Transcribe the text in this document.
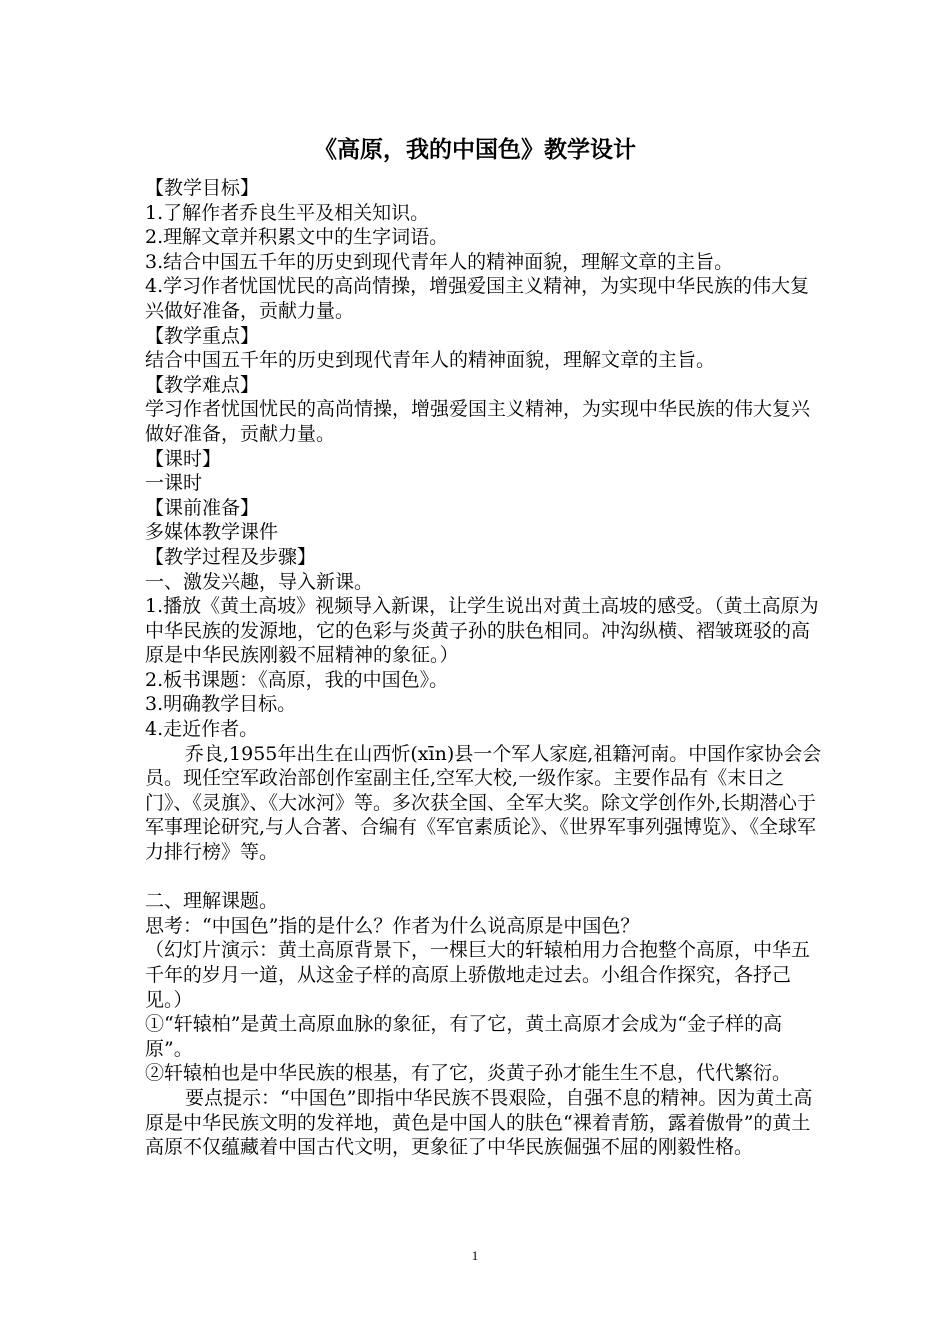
《高原，我的中国色》教学设计

【教学目标】

1.了解作者乔良生平及相关知识。

2.理解文章并积累文中的生字词语。

3.结合中国五千年的历史到现代青年人的精神面貌，理解文章的主旨。

4.学习作者忧国忧民的高尚情操，增强爱国主义精神，为实现中华民族的伟大复兴做好准备，贡献力量。

【教学重点】

结合中国五千年的历史到现代青年人的精神面貌，理解文章的主旨。

【教学难点】

学习作者忧国忧民的高尚情操，增强爱国主义精神，为实现中华民族的伟大复兴做好准备，贡献力量。

【课时】

一课时

【课前准备】

多媒体教学课件

【教学过程及步骤】

一、激发兴趣，导入新课。

1.播放《黄土高坡》视频导入新课，让学生说出对黄土高坡的感受。（黄土高原为中华民族的发源地，它的色彩与炎黄子孙的肤色相同。冲沟纵横、褶皱斑驳的高原是中华民族刚毅不屈精神的象征。）

2.板书课题：《高原，我的中国色》。

3.明确教学目标。

4.走近作者。

乔良,1955年出生在山西忻(xīn)县一个军人家庭,祖籍河南。中国作家协会会员。现任空军政治部创作室副主任,空军大校,一级作家。主要作品有《末日之门》、《灵旗》、《大冰河》等。多次获全国、全军大奖。除文学创作外,长期潜心于军事理论研究,与人合著、合编有《军官素质论》、《世界军事列强博览》、《全球军力排行榜》等。

二、理解课题。

思考：“中国色”指的是什么？作者为什么说高原是中国色？

（幻灯片演示：黄土高原背景下，一棵巨大的轩辕柏用力合抱整个高原，中华五千年的岁月一道，从这金子样的高原上骄傲地走过去。小组合作探究，各抒己见。）

①“轩辕柏”是黄土高原血脉的象征，有了它，黄土高原才会成为“金子样的高原”。

②轩辕柏也是中华民族的根基，有了它，炎黄子孙才能生生不息，代代繁衍。

要点提示：“中国色”即指中华民族不畏艰险，自强不息的精神。因为黄土高原是中华民族文明的发祥地，黄色是中国人的肤色“裸着青筋，露着傲骨”的黄土高原不仅蕴藏着中国古代文明，更象征了中华民族倔强不屈的刚毅性格。

1
